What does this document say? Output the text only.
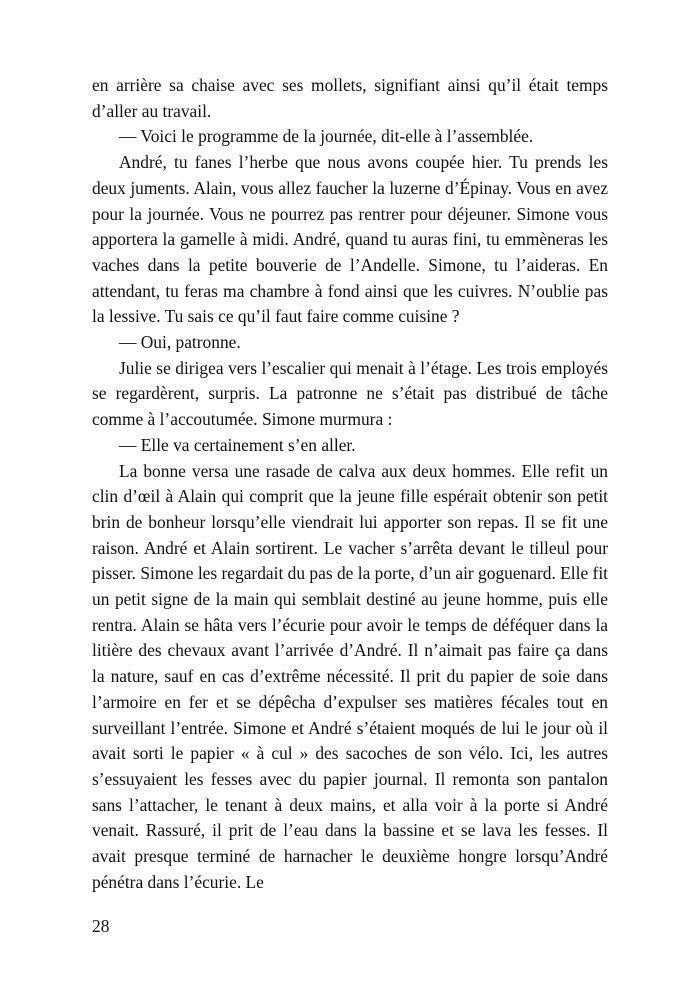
en arrière sa chaise avec ses mollets, signifiant ainsi qu’il était temps d’aller au travail.

— Voici le programme de la journée, dit-elle à l’assemblée.

André, tu fanes l’herbe que nous avons coupée hier. Tu prends les deux juments. Alain, vous allez faucher la luzerne d’Épinay. Vous en avez pour la journée. Vous ne pourrez pas rentrer pour déjeuner. Simone vous apportera la gamelle à midi. André, quand tu auras fini, tu emmèneras les vaches dans la petite bouverie de l’Andelle. Simone, tu l’aideras. En attendant, tu feras ma chambre à fond ainsi que les cuivres. N’oublie pas la lessive. Tu sais ce qu’il faut faire comme cuisine ?

— Oui, patronne.

Julie se dirigea vers l’escalier qui menait à l’étage. Les trois employés se regardèrent, surpris. La patronne ne s’était pas distribué de tâche comme à l’accoutumée. Simone murmura :

— Elle va certainement s’en aller.

La bonne versa une rasade de calva aux deux hommes. Elle refit un clin d’œil à Alain qui comprit que la jeune fille espérait obtenir son petit brin de bonheur lorsqu’elle viendrait lui apporter son repas. Il se fit une raison. André et Alain sortirent. Le vacher s’arrêta devant le tilleul pour pisser. Simone les regardait du pas de la porte, d’un air goguenard. Elle fit un petit signe de la main qui semblait destiné au jeune homme, puis elle rentra. Alain se hâta vers l’écurie pour avoir le temps de déféquer dans la litière des chevaux avant l’arrivée d’André. Il n’aimait pas faire ça dans la nature, sauf en cas d’extrême nécessité. Il prit du papier de soie dans l’armoire en fer et se dépêcha d’expulser ses matières fécales tout en surveillant l’entrée. Simone et André s’étaient moqués de lui le jour où il avait sorti le papier « à cul » des sacoches de son vélo. Ici, les autres s’essuyaient les fesses avec du papier journal. Il remonta son pantalon sans l’attacher, le tenant à deux mains, et alla voir à la porte si André venait. Rassuré, il prit de l’eau dans la bassine et se lava les fesses. Il avait presque terminé de harnacher le deuxième hongre lorsqu’André pénétra dans l’écurie. Le

28
